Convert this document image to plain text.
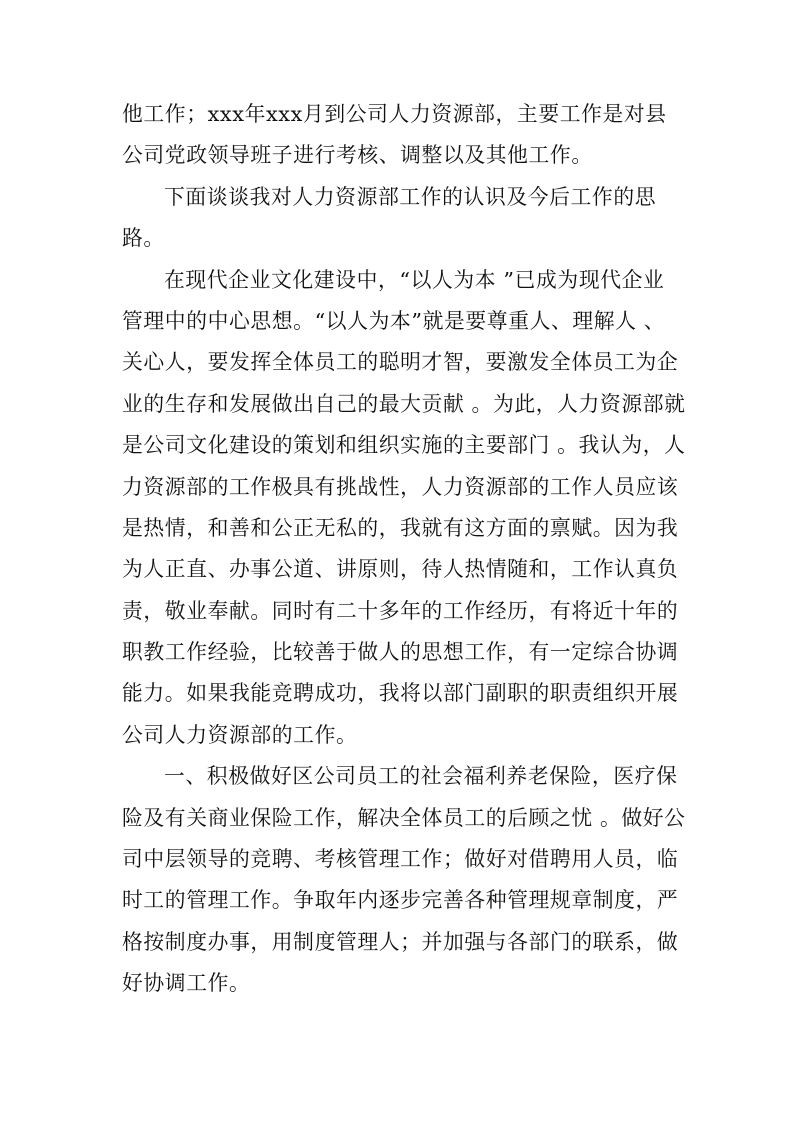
他工作；xxx年xxx月到公司人力资源部，主要工作是对县
公司党政领导班子进行考核、调整以及其他工作。
下面谈谈我对人力资源部工作的认识及今后工作的思
路。
在现代企业文化建设中，“以人为本 ”已成为现代企业
管理中的中心思想。“以人为本”就是要尊重人、理解人 、
关心人，要发挥全体员工的聪明才智，要激发全体员工为企
业的生存和发展做出自己的最大贡献 。为此，人力资源部就
是公司文化建设的策划和组织实施的主要部门 。我认为，人
力资源部的工作极具有挑战性，人力资源部的工作人员应该
是热情，和善和公正无私的，我就有这方面的禀赋。因为我
为人正直、办事公道、讲原则，待人热情随和，工作认真负
责，敬业奉献。同时有二十多年的工作经历，有将近十年的
职教工作经验，比较善于做人的思想工作，有一定综合协调
能力。如果我能竞聘成功，我将以部门副职的职责组织开展
公司人力资源部的工作。
一、积极做好区公司员工的社会福利养老保险，医疗保
险及有关商业保险工作，解决全体员工的后顾之忧 。做好公
司中层领导的竞聘、考核管理工作；做好对借聘用人员，临
时工的管理工作。争取年内逐步完善各种管理规章制度，严
格按制度办事，用制度管理人；并加强与各部门的联系，做
好协调工作。
